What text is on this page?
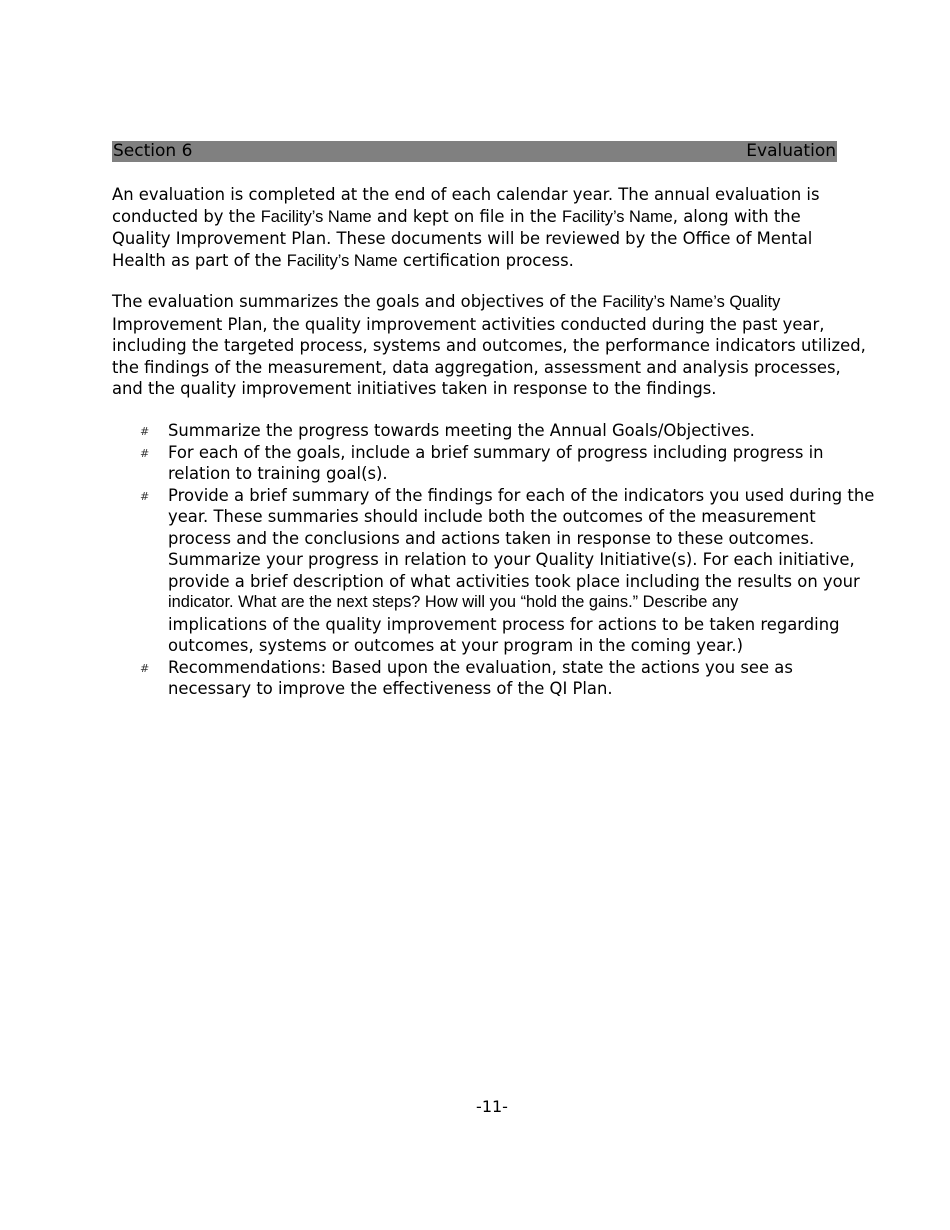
Section 6	Evaluation

An evaluation is completed at the end of each calendar year. The annual evaluation is
conducted by the Facility’s Name and kept on file in the Facility’s Name, along with the
Quality Improvement Plan. These documents will be reviewed by the Office of Mental
Health as part of the Facility’s Name certification process.

The evaluation summarizes the goals and objectives of the Facility’s Name’s Quality
Improvement Plan, the quality improvement activities conducted during the past year,
including the targeted process, systems and outcomes, the performance indicators utilized,
the findings of the measurement, data aggregation, assessment and analysis processes,
and the quality improvement initiatives taken in response to the findings.

# Summarize the progress towards meeting the Annual Goals/Objectives.
# For each of the goals, include a brief summary of progress including progress in
relation to training goal(s).
# Provide a brief summary of the findings for each of the indicators you used during the
year. These summaries should include both the outcomes of the measurement
process and the conclusions and actions taken in response to these outcomes.
Summarize your progress in relation to your Quality Initiative(s). For each initiative,
provide a brief description of what activities took place including the results on your
indicator. What are the next steps? How will you “hold the gains.” Describe any
implications of the quality improvement process for actions to be taken regarding
outcomes, systems or outcomes at your program in the coming year.)
# Recommendations: Based upon the evaluation, state the actions you see as
necessary to improve the effectiveness of the QI Plan.
-11-
